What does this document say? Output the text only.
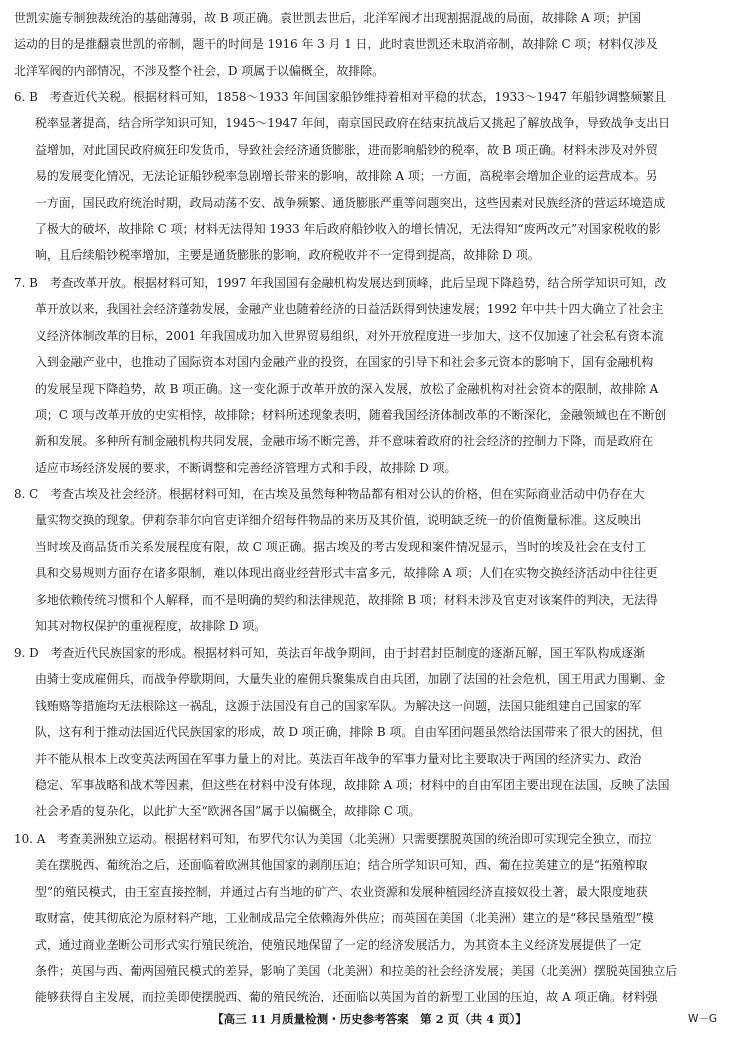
世凯实施专制独裁统治的基础薄弱，故 B 项正确。袁世凯去世后，北洋军阀才出现割据混战的局面，故排除 A 项；护国
运动的目的是推翻袁世凯的帝制，题干的时间是 1916 年 3 月 1 日，此时袁世凯还未取消帝制，故排除 C 项；材料仅涉及
北洋军阀的内部情况，不涉及整个社会，D 项属于以偏概全，故排除。
6. B　考查近代关税。根据材料可知，1858～1933 年间国家船钞维持着相对平稳的状态，1933～1947 年船钞调整频繁且
税率显著提高，结合所学知识可知，1945～1947 年间，南京国民政府在结束抗战后又挑起了解放战争，导致战争支出日
益增加，对此国民政府疯狂印发货币，导致社会经济通货膨胀，进而影响船钞的税率，故 B 项正确。材料未涉及对外贸
易的发展变化情况，无法论证船钞税率急剧增长带来的影响，故排除 A 项；一方面，高税率会增加企业的运营成本。另
一方面，国民政府统治时期，政局动荡不安、战争频繁、通货膨胀严重等问题突出，这些因素对民族经济的营运环境造成
了极大的破坏，故排除 C 项；材料无法得知 1933 年后政府船钞收入的增长情况，无法得知“废两改元”对国家税收的影
响，且后续船钞税率增加，主要是通货膨胀的影响，政府税收并不一定得到提高，故排除 D 项。
7. B　考查改革开放。根据材料可知，1997 年我国国有金融机构发展达到顶峰，此后呈现下降趋势，结合所学知识可知，改
革开放以来，我国社会经济蓬勃发展，金融产业也随着经济的日益活跃得到快速发展；1992 年中共十四大确立了社会主
义经济体制改革的目标，2001 年我国成功加入世界贸易组织，对外开放程度进一步加大，这不仅加速了社会私有资本流
入到金融产业中，也推动了国际资本对国内金融产业的投资，在国家的引导下和社会多元资本的影响下，国有金融机构
的发展呈现下降趋势，故 B 项正确。这一变化源于改革开放的深入发展，放松了金融机构对社会资本的限制，故排除 A
项；C 项与改革开放的史实相悖，故排除；材料所述现象表明，随着我国经济体制改革的不断深化，金融领域也在不断创
新和发展。多种所有制金融机构共同发展，金融市场不断完善，并不意味着政府的社会经济的控制力下降，而是政府在
适应市场经济发展的要求，不断调整和完善经济管理方式和手段，故排除 D 项。
8. C　考查古埃及社会经济。根据材料可知，在古埃及虽然每种物品都有相对公认的价格，但在实际商业活动中仍存在大
量实物交换的现象。伊莉奈菲尔向官吏详细介绍每件物品的来历及其价值，说明缺乏统一的价值衡量标准。这反映出
当时埃及商品货币关系发展程度有限，故 C 项正确。据古埃及的考古发现和案件情况显示，当时的埃及社会在支付工
具和交易规则方面存在诸多限制，难以体现出商业经营形式丰富多元，故排除 A 项；人们在实物交换经济活动中往往更
多地依赖传统习惯和个人解释，而不是明确的契约和法律规范，故排除 B 项；材料未涉及官吏对该案件的判决，无法得
知其对物权保护的重视程度，故排除 D 项。
9. D　考查近代民族国家的形成。根据材料可知，英法百年战争期间，由于封君封臣制度的逐渐瓦解，国王军队构成逐渐
由骑士变成雇佣兵，而战争停歇期间，大量失业的雇佣兵聚集成自由兵团，加剧了法国的社会危机，国王用武力围剿、金
钱贿赂等措施均无法根除这一祸乱，这源于法国没有自己的国家军队。为解决这一问题，法国只能组建自己国家的军
队，这有利于推动法国近代民族国家的形成，故 D 项正确，排除 B 项。自由军团问题虽然给法国带来了很大的困扰，但
并不能从根本上改变英法两国在军事力量上的对比。英法百年战争的军事力量对比主要取决于两国的经济实力、政治
稳定、军事战略和战术等因素，但这些在材料中没有体现，故排除 A 项；材料中的自由军团主要出现在法国，反映了法国
社会矛盾的复杂化，以此扩大至“欧洲各国”属于以偏概全，故排除 C 项。
10. A　考查美洲独立运动。根据材料可知，布罗代尔认为美国（北美洲）只需要摆脱英国的统治即可实现完全独立，而拉
美在摆脱西、葡统治之后，还面临着欧洲其他国家的剥削压迫；结合所学知识可知，西、葡在拉美建立的是“拓殖榨取
型”的殖民模式，由王室直接控制，并通过占有当地的矿产、农业资源和发展种植园经济直接奴役土著，最大限度地获
取财富，使其彻底沦为原材料产地，工业制成品完全依赖海外供应；而英国在美国（北美洲）建立的是“移民垦殖型”模
式，通过商业垄断公司形式实行殖民统治，使殖民地保留了一定的经济发展活力，为其资本主义经济发展提供了一定
条件；英国与西、葡两国殖民模式的差异，影响了美国（北美洲）和拉美的社会经济发展；美国（北美洲）摆脱英国独立后
能够获得自主发展，而拉美即使摆脱西、葡的殖民统治，还面临以英国为首的新型工业国的压迫，故 A 项正确。材料强
【高三 11 月质量检测・历史参考答案　第 2 页（共 4 页）】	W－G
